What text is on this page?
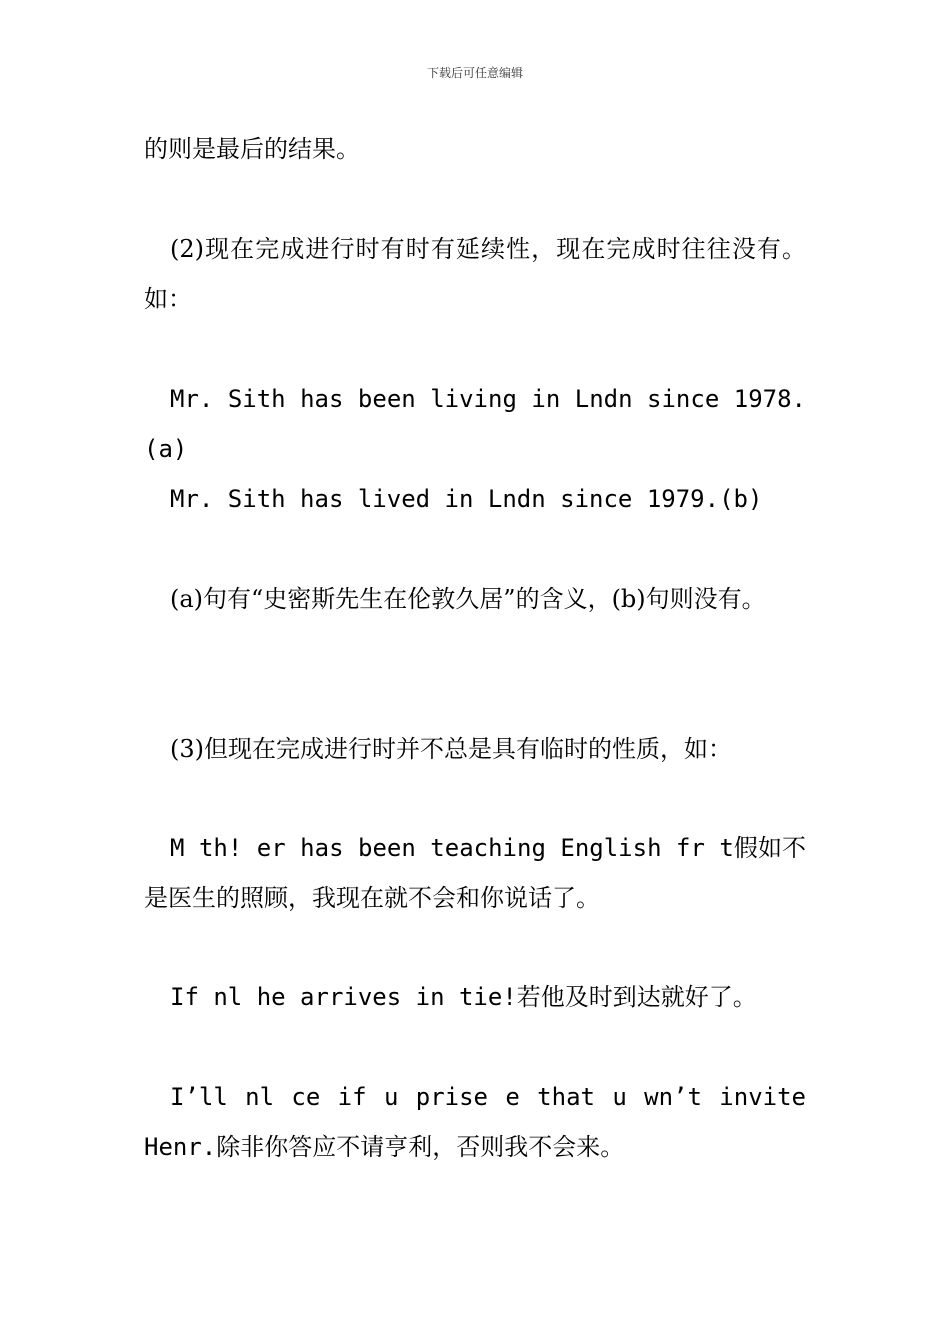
下载后可任意编辑
的则是最后的结果。
(2)现在完成进行时有时有延续性，现在完成时往往没有。如：
Mr. Sith has been living in Lndn since 1978.(a)
Mr. Sith has lived in Lndn since 1979.(b)
(a)句有“史密斯先生在伦敦久居”的含义，(b)句则没有。
(3)但现在完成进行时并不总是具有临时的性质，如：
M th! er has been teaching English fr t假如不是医生的照顾，我现在就不会和你说话了。
If nl he arrives in tie!若他及时到达就好了。
I’ll nl ce if u prise e that u wn’t invite Henr.除非你答应不请亨利，否则我不会来。
